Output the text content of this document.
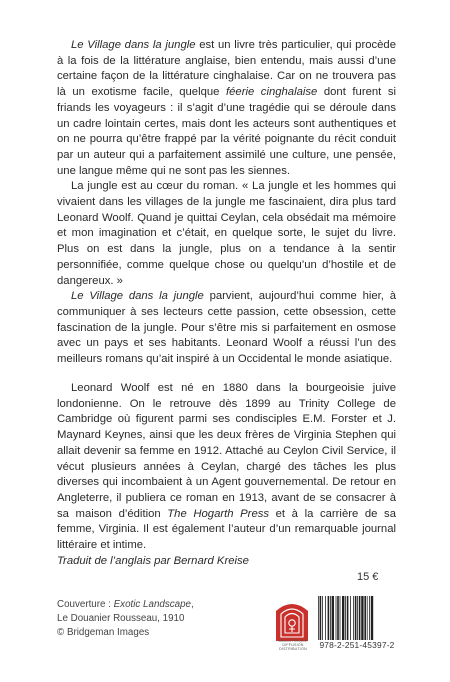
Le Village dans la jungle est un livre très particulier, qui procède à la fois de la littérature anglaise, bien entendu, mais aussi d’une certaine façon de la littérature cinghalaise. Car on ne trouvera pas là un exotisme facile, quelque féerie cinghalaise dont furent si friands les voyageurs : il s’agit d’une tragédie qui se déroule dans un cadre lointain certes, mais dont les acteurs sont authentiques et on ne pourra qu’être frappé par la vérité poignante du récit conduit par un auteur qui a parfaitement assimilé une culture, une pensée, une langue même qui ne sont pas les siennes.

La jungle est au cœur du roman. « La jungle et les hommes qui vivaient dans les villages de la jungle me fascinaient, dira plus tard Leonard Woolf. Quand je quittai Ceylan, cela obsédait ma mémoire et mon imagination et c’était, en quelque sorte, le sujet du livre. Plus on est dans la jungle, plus on a tendance à la sentir personnifiée, comme quelque chose ou quelqu’un d’hostile et de dangereux. »

Le Village dans la jungle parvient, aujourd’hui comme hier, à communiquer à ses lecteurs cette passion, cette obsession, cette fascination de la jungle. Pour s’être mis si parfaitement en osmose avec un pays et ses habitants. Leonard Woolf a réussi l’un des meilleurs romans qu’ait inspiré à un Occidental le monde asiatique.

Leonard Woolf est né en 1880 dans la bourgeoisie juive londonienne. On le retrouve dès 1899 au Trinity College de Cambridge où figurent parmi ses condisciples E.M. Forster et J. Maynard Keynes, ainsi que les deux frères de Virginia Stephen qui allait devenir sa femme en 1912. Attaché au Ceylon Civil Service, il vécut plusieurs années à Ceylan, chargé des tâches les plus diverses qui incombaient à un Agent gouvernemental. De retour en Angleterre, il publiera ce roman en 1913, avant de se consacrer à sa maison d’édition The Hogarth Press et à la carrière de sa femme, Virginia. Il est également l’auteur d’un remarquable journal littéraire et intime.

Traduit de l’anglais par Bernard Kreise
15 €
Couverture : Exotic Landscape,
Le Douanier Rousseau, 1910
© Bridgeman Images
BIBLIOTHÈQUE DIFFUSION DISTRIBUTION	978-2-251-45397-2
